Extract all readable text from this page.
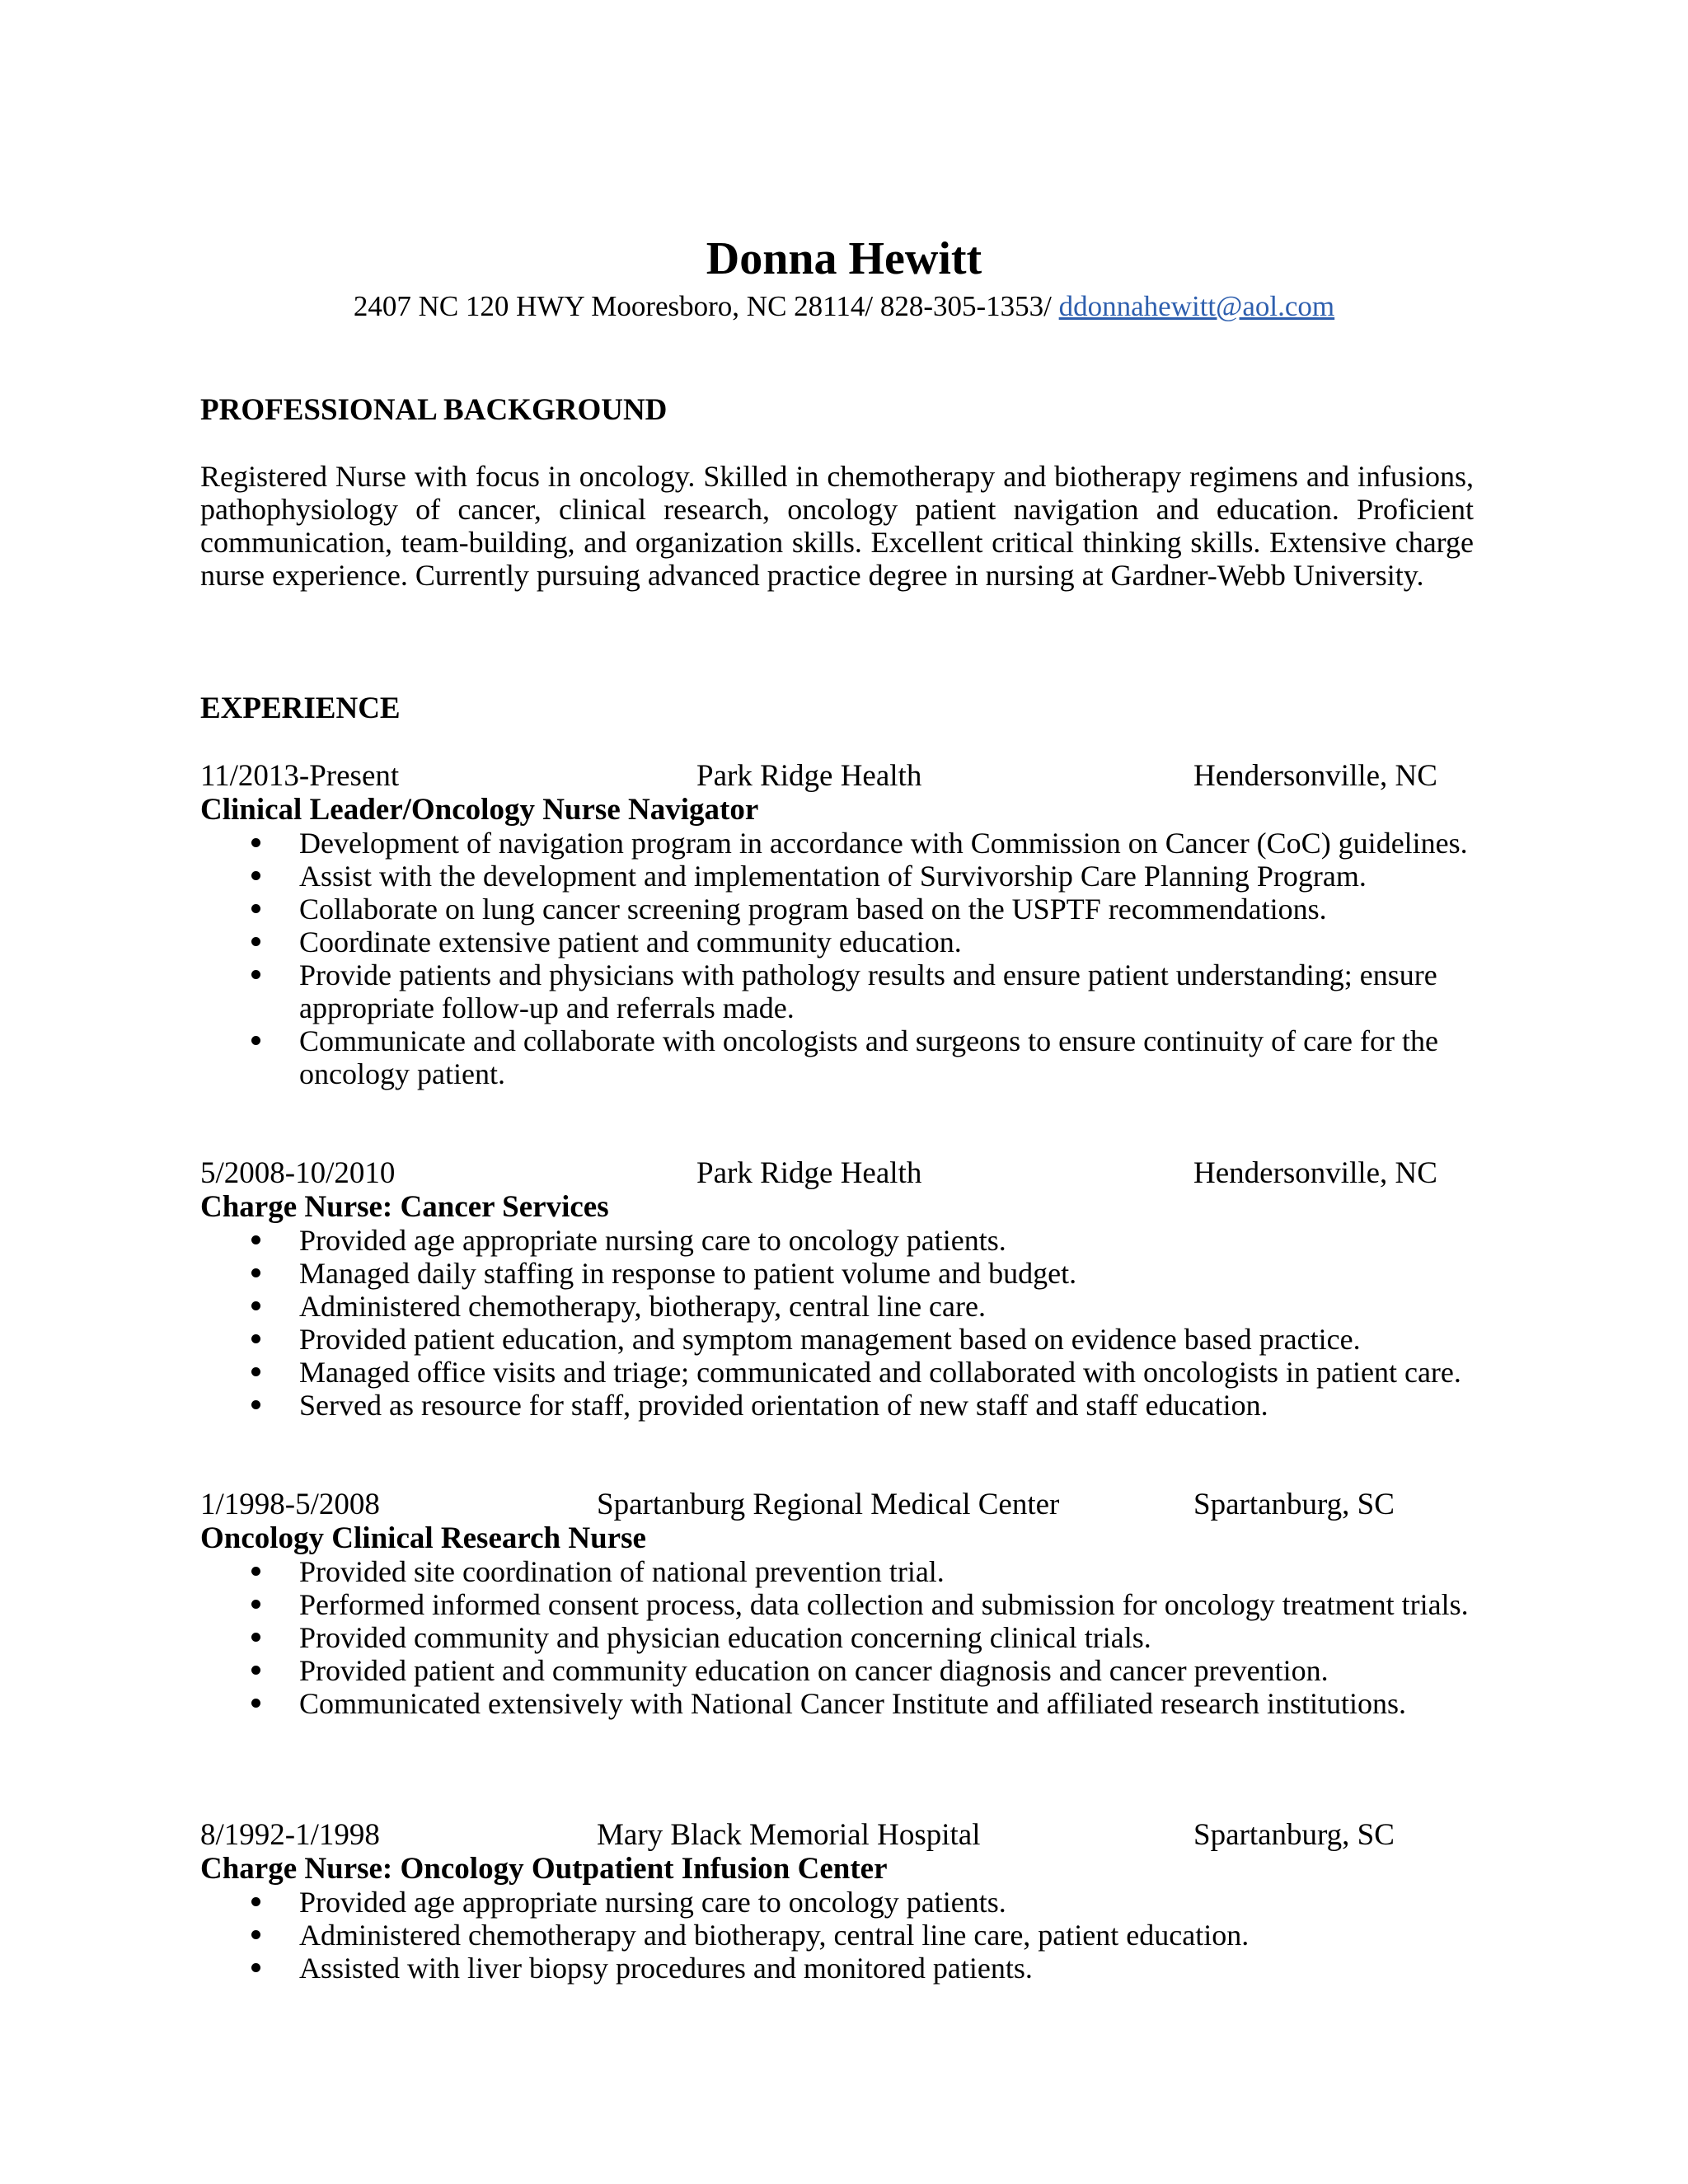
Donna Hewitt
2407 NC 120 HWY Mooresboro, NC 28114/ 828-305-1353/ ddonnahewitt@aol.com
PROFESSIONAL BACKGROUND
Registered Nurse with focus in oncology. Skilled in chemotherapy and biotherapy regimens and infusions, pathophysiology of cancer, clinical research, oncology patient navigation and education. Proficient communication, team-building, and organization skills. Excellent critical thinking skills. Extensive charge nurse experience. Currently pursuing advanced practice degree in nursing at Gardner-Webb University.
EXPERIENCE
11/2013-Present	Park Ridge Health	Hendersonville, NC
Clinical Leader/Oncology Nurse Navigator
Development of navigation program in accordance with Commission on Cancer (CoC) guidelines.
Assist with the development and implementation of Survivorship Care Planning Program.
Collaborate on lung cancer screening program based on the USPTF recommendations.
Coordinate extensive patient and community education.
Provide patients and physicians with pathology results and ensure patient understanding; ensure appropriate follow-up and referrals made.
Communicate and collaborate with oncologists and surgeons to ensure continuity of care for the oncology patient.
5/2008-10/2010	Park Ridge Health	Hendersonville, NC
Charge Nurse: Cancer Services
Provided age appropriate nursing care to oncology patients.
Managed daily staffing in response to patient volume and budget.
Administered chemotherapy, biotherapy, central line care.
Provided patient education, and symptom management based on evidence based practice.
Managed office visits and triage; communicated and collaborated with oncologists in patient care.
Served as resource for staff, provided orientation of new staff and staff education.
1/1998-5/2008	Spartanburg Regional Medical Center	Spartanburg, SC
Oncology Clinical Research Nurse
Provided site coordination of national prevention trial.
Performed informed consent process, data collection and submission for oncology treatment trials.
Provided community and physician education concerning clinical trials.
Provided patient and community education on cancer diagnosis and cancer prevention.
Communicated extensively with National Cancer Institute and affiliated research institutions.
8/1992-1/1998	Mary Black Memorial Hospital	Spartanburg, SC
Charge Nurse: Oncology Outpatient Infusion Center
Provided age appropriate nursing care to oncology patients.
Administered chemotherapy and biotherapy, central line care, patient education.
Assisted with liver biopsy procedures and monitored patients.
